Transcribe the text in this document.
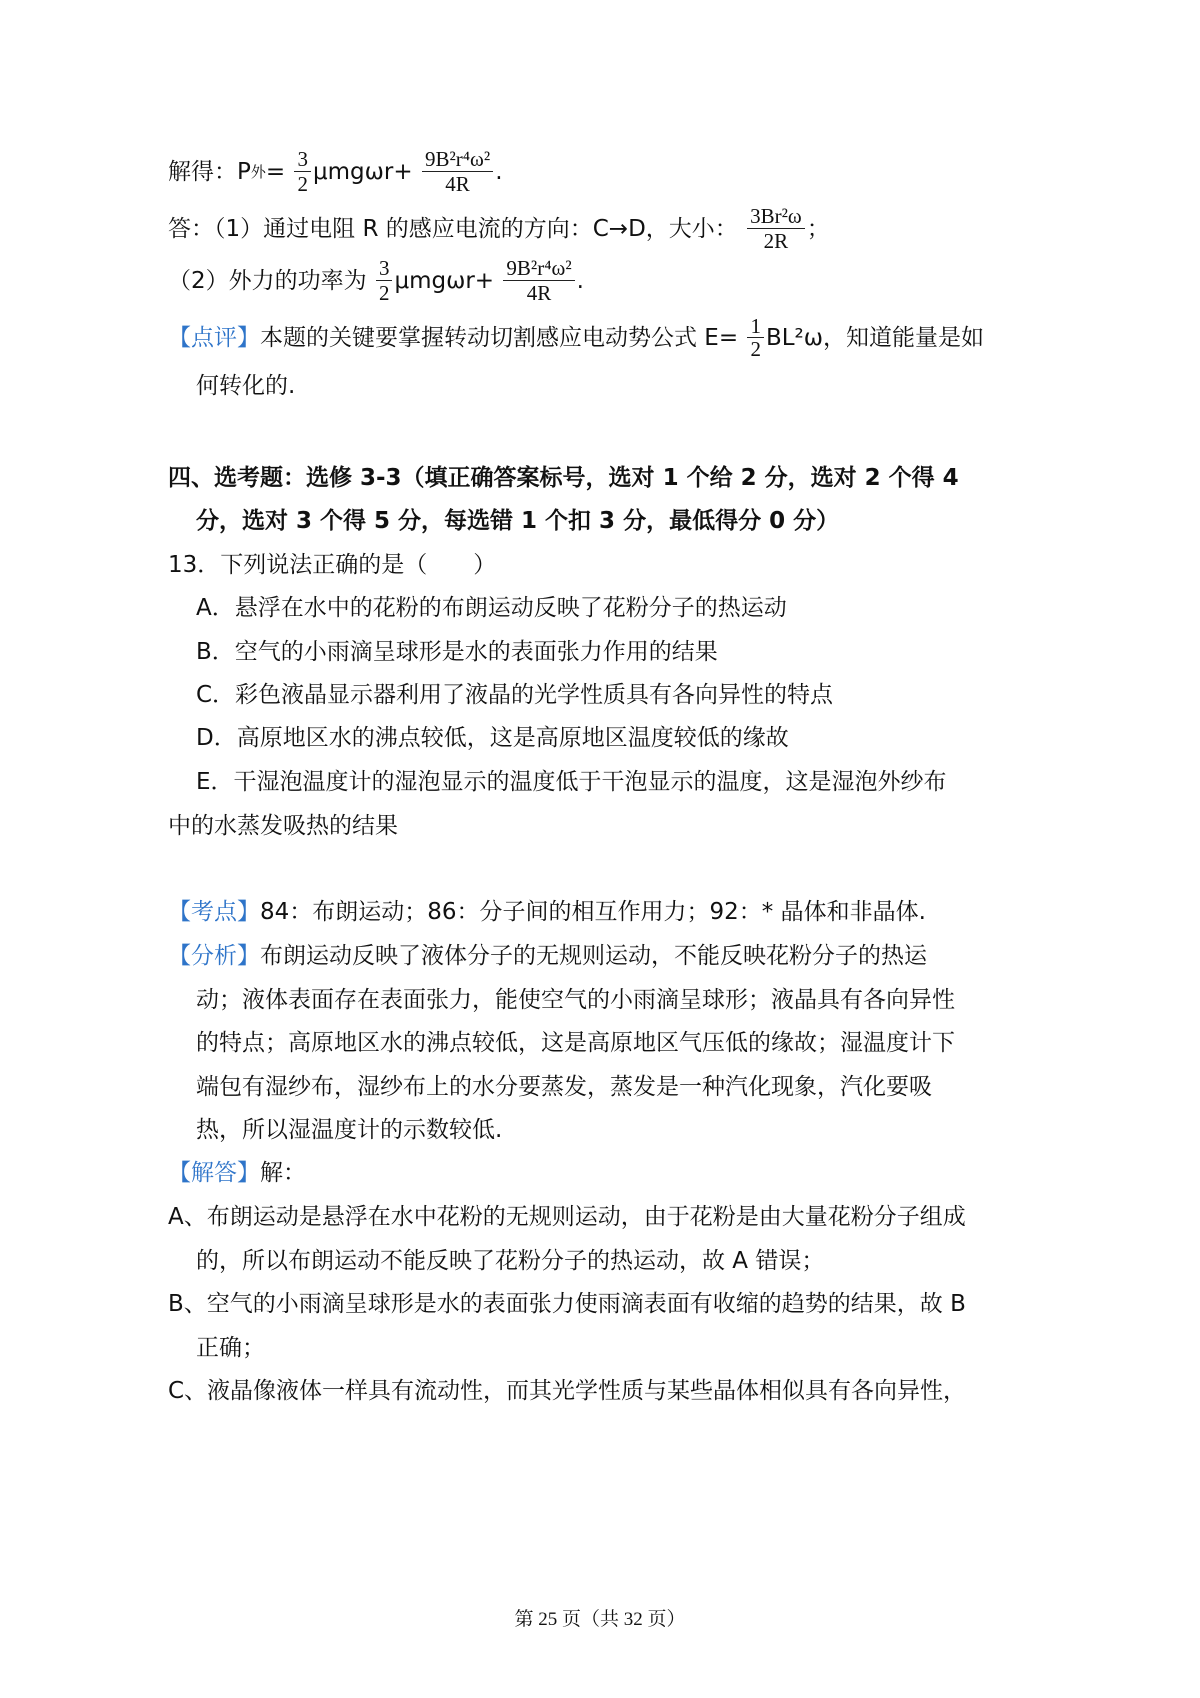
解得：P外= $\frac{3}{2} \mu mg\omega r+ \frac{\text{9B²r⁴ω²}}{4R}$ .
答：（1）通过电阻 R 的感应电流的方向：C→D，大小： $\frac{\text{3Br²ω}}{2R}$ ；
（2）外力的功率为 $\frac{3}{2} \mu mg\omega r+ \frac{\text{9B²r⁴ω²}}{4R}$ .
【点评】本题的关键要掌握转动切割感应电动势公式 $E= \frac{1}{2} BL^2\omega$，知道能量是如
何转化的.
四、选考题：选修 3-3（填正确答案标号，选对 1 个给 2 分，选对 2 个得 4
分，选对 3 个得 5 分，每选错 1 个扣 3 分，最低得分 0 分）
13．下列说法正确的是（　　）
A．悬浮在水中的花粉的布朗运动反映了花粉分子的热运动
B．空气的小雨滴呈球形是水的表面张力作用的结果
C．彩色液晶显示器利用了液晶的光学性质具有各向异性的特点
D．高原地区水的沸点较低，这是高原地区温度较低的缘故
E．干湿泡温度计的湿泡显示的温度低于干泡显示的温度，这是湿泡外纱布
中的水蒸发吸热的结果
【考点】84：布朗运动；86：分子间的相互作用力；92：* 晶体和非晶体.
【分析】布朗运动反映了液体分子的无规则运动，不能反映花粉分子的热运
动；液体表面存在表面张力，能使空气的小雨滴呈球形；液晶具有各向异性
的特点；高原地区水的沸点较低，这是高原地区气压低的缘故；湿温度计下
端包有湿纱布，湿纱布上的水分要蒸发，蒸发是一种汽化现象，汽化要吸
热，所以湿温度计的示数较低.
【解答】解：
A、布朗运动是悬浮在水中花粉的无规则运动，由于花粉是由大量花粉分子组成
的，所以布朗运动不能反映了花粉分子的热运动，故 A 错误；
B、空气的小雨滴呈球形是水的表面张力使雨滴表面有收缩的趋势的结果，故 B
正确；
C、液晶像液体一样具有流动性，而其光学性质与某些晶体相似具有各向异性，
第 25 页（共 32 页）
